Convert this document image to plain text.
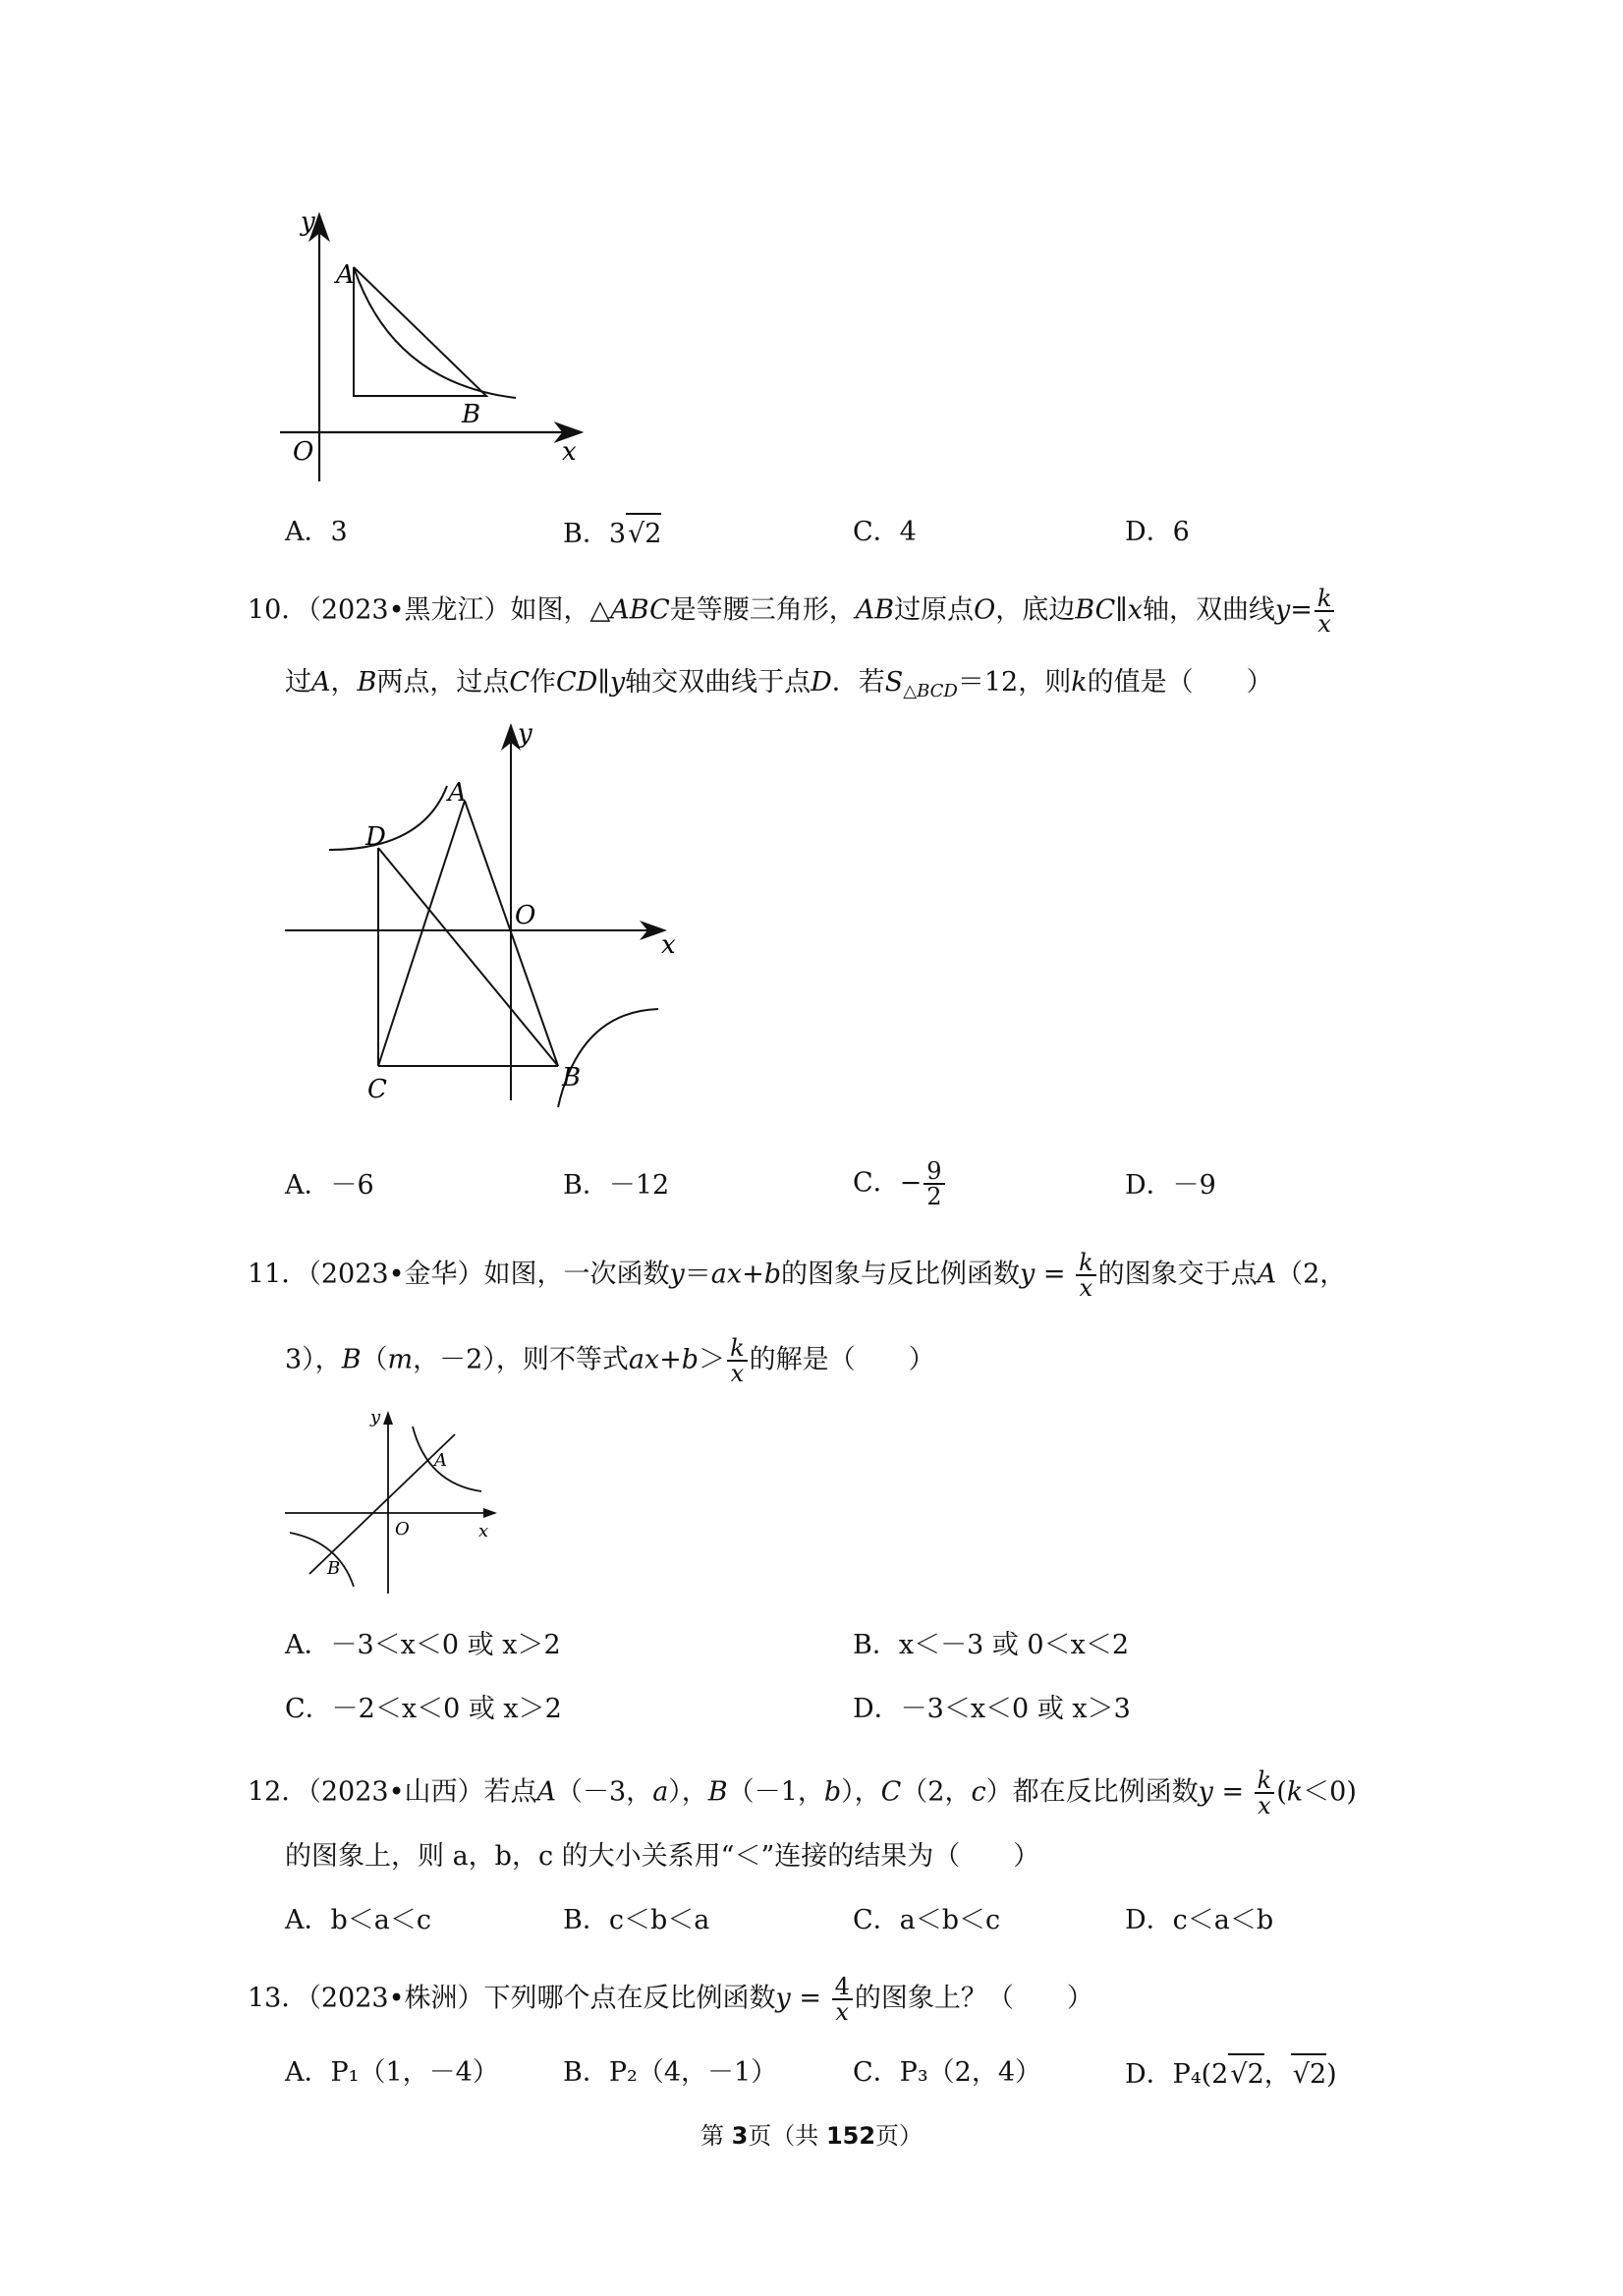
y
A
B
O	x
A．3	B．3√2	C．4	D．6
10．（2023•黑龙江）如图，△ABC是等腰三角形，AB过原点O，底边BC∥x轴，双曲线$y= \frac{k}{x}$
过A，B两点，过点C作CD∥y轴交双曲线于点D．若$S_{\triangle BCD}=12$，则k的值是（　　）
y
A
D
O
x
C	B
A．－6	B．－12	C．− $\frac{9}{2}$	D．－9
11．（2023•金华）如图，一次函数y＝ax+b的图象与反比例函数$y = \frac{k}{x}$ 的图象交于点A（2，
3），B（m，－2），则不等式$ax+b> \frac{k}{x}$ 的解是（　　）
y
A
O	x
B
A．－3＜x＜0 或 x＞2	B．x＜－3 或 0＜x＜2
C．－2＜x＜0 或 x＞2	D．－3＜x＜0 或 x＞3
12．（2023•山西）若点A（－3，a），B（－1，b），C（2，c）都在反比例函数$y = \frac{k}{x} (k<0)$
的图象上，则 a，b，c 的大小关系用“＜”连接的结果为（　　）
A．b＜a＜c	B．c＜b＜a	C．a＜b＜c	D．c＜a＜b
13．（2023•株洲）下列哪个点在反比例函数$y = \frac{4}{x}$ 的图象上？（　　）
A．P₁（1，－4） B．P₂（4，－1）	C．P₃（2，4）	D．P₄(2√2，√2)
第 3页（共 152页）
